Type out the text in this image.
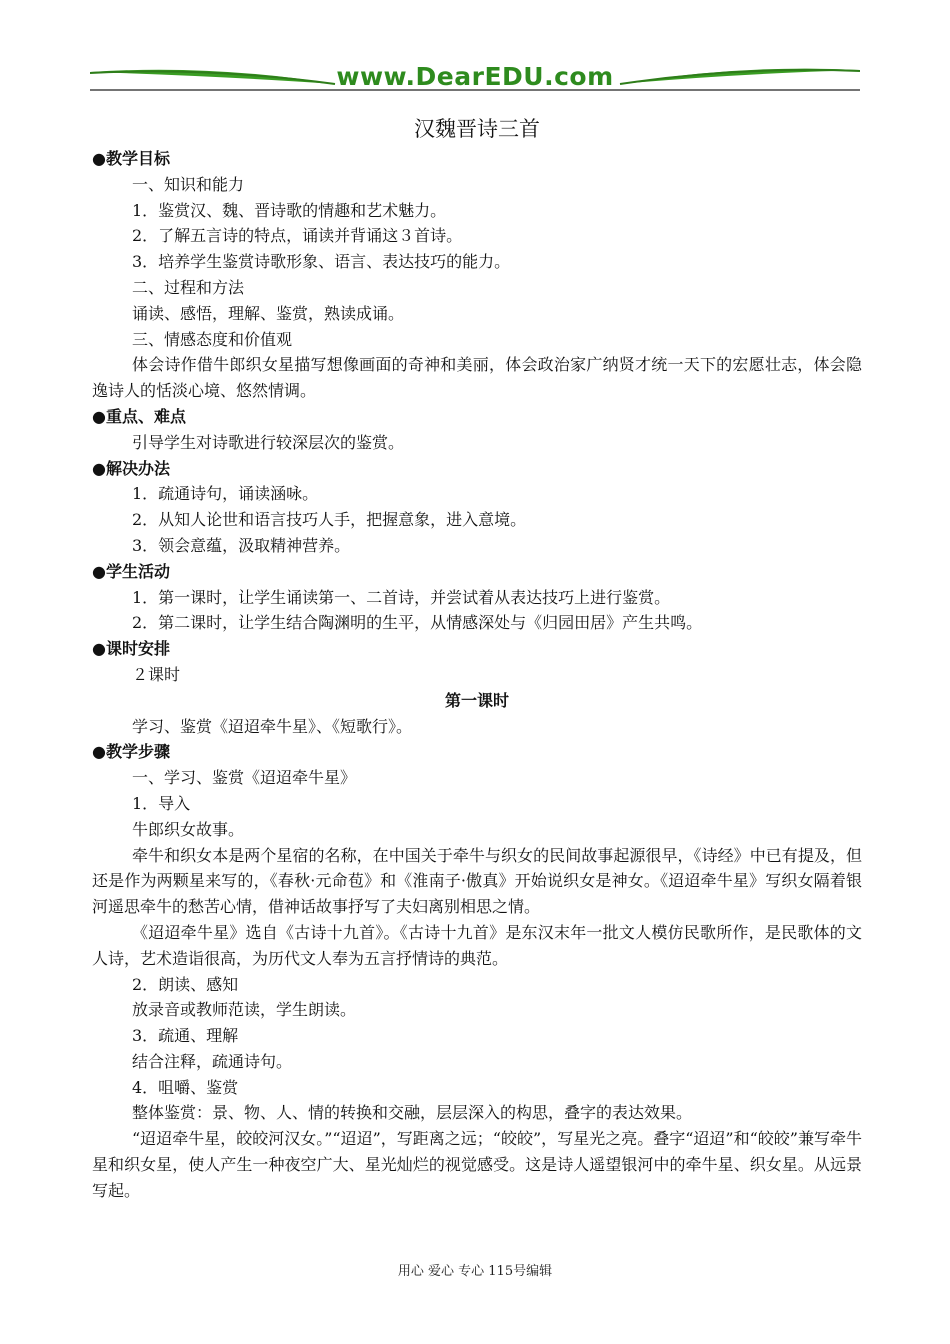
www.DearEDU.com
汉魏晋诗三首

●教学目标

一、知识和能力

1．鉴赏汉、魏、晋诗歌的情趣和艺术魅力。

2．了解五言诗的特点，诵读并背诵这３首诗。

3．培养学生鉴赏诗歌形象、语言、表达技巧的能力。

二、过程和方法

诵读、感悟，理解、鉴赏，熟读成诵。

三、情感态度和价值观

体会诗作借牛郎织女星描写想像画面的奇神和美丽，体会政治家广纳贤才统一天下的宏愿壮志，体会隐逸诗人的恬淡心境、悠然情调。

●重点、难点

引导学生对诗歌进行较深层次的鉴赏。

●解决办法

1．疏通诗句，诵读涵咏。

2．从知人论世和语言技巧人手，把握意象，进入意境。

3．领会意蕴，汲取精神营养。

●学生活动

1．第一课时，让学生诵读第一、二首诗，并尝试着从表达技巧上进行鉴赏。

2．第二课时，让学生结合陶渊明的生平，从情感深处与《归园田居》产生共鸣。

●课时安排

２课时

第一课时

学习、鉴赏《迢迢牵牛星》、《短歌行》。

●教学步骤

一、学习、鉴赏《迢迢牵牛星》

1．导入

牛郎织女故事。

牵牛和织女本是两个星宿的名称，在中国关于牵牛与织女的民间故事起源很早，《诗经》中已有提及，但还是作为两颗星来写的，《春秋·元命苞》和《淮南子·傲真》开始说织女是神女。《迢迢牵牛星》写织女隔着银河遥思牵牛的愁苦心情，借神话故事抒写了夫妇离别相思之情。

《迢迢牵牛星》选自《古诗十九首》。《古诗十九首》是东汉末年一批文人模仿民歌所作，是民歌体的文人诗，艺术造诣很高，为历代文人奉为五言抒情诗的典范。

2．朗读、感知

放录音或教师范读，学生朗读。

3．疏通、理解

结合注释，疏通诗句。

4．咀嚼、鉴赏

整体鉴赏：景、物、人、情的转换和交融，层层深入的构思，叠字的表达效果。

“迢迢牵牛星，皎皎河汉女。”“迢迢”，写距离之远；“皎皎”，写星光之亮。叠字“迢迢”和“皎皎”兼写牵牛星和织女星，使人产生一种夜空广大、星光灿烂的视觉感受。这是诗人遥望银河中的牵牛星、织女星。从远景写起。

用心 爱心 专心 115号编辑
